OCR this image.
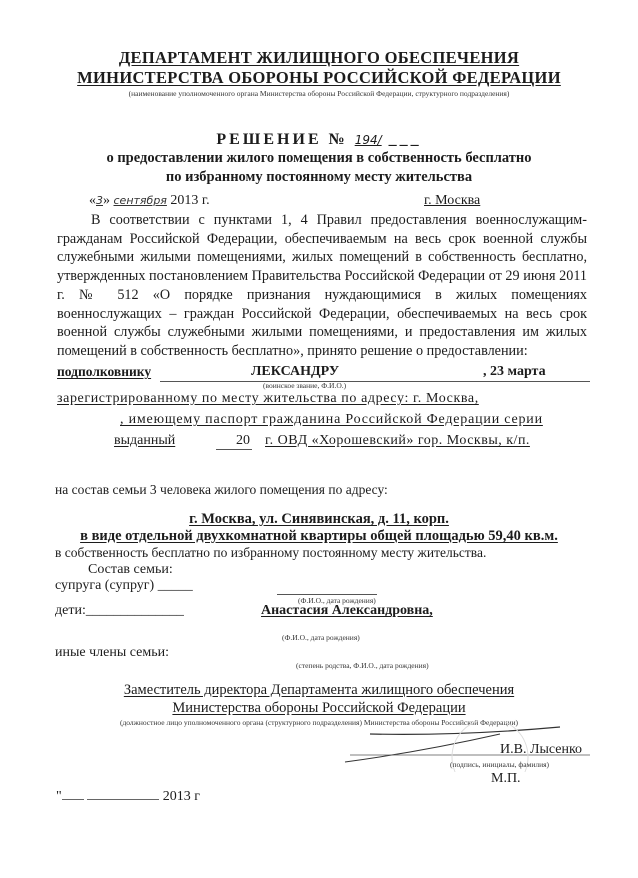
ДЕПАРТАМЕНТ ЖИЛИЩНОГО ОБЕСПЕЧЕНИЯ
МИНИСТЕРСТВА ОБОРОНЫ РОССИЙСКОЙ ФЕДЕРАЦИИ
(наименование уполномоченного органа Министерства обороны Российской Федерации, структурного подразделения)
РЕШЕНИЕ № 194/ ___
о предоставлении жилого помещения в собственность бесплатно
по избранному постоянному месту жительства
«3» сентября 2013 г.	г. Москва
В соответствии с пунктами 1, 4 Правил предоставления военнослужащим-гражданам Российской Федерации, обеспечиваемым на весь срок военной службы служебными жилыми помещениями, жилых помещений в собственность бесплатно, утвержденных постановлением Правительства Российской Федерации от 29 июня 2011 г. № 512 «О порядке признания нуждающимися в жилых помещениях военнослужащих – граждан Российской Федерации, обеспечиваемых на весь срок военной службы служебными жилыми помещениями, и предоставления им жилых помещений в собственность бесплатно», принято решение о предоставлении:
подполковнику	ЛЕКСАНДРУ	, 23 марта
(воинское звание, Ф.И.О.)
зарегистрированному по месту жительства по адресу: г. Москва,
, имеющему паспорт гражданина Российской Федерации серии
выданный	20 г. ОВД «Хорошевский» гор. Москвы, к/п.
на состав семьи 3 человека жилого помещения по адресу:
г. Москва, ул. Синявинская, д. 11, корп.
в виде отдельной двухкомнатной квартиры общей площадью 59,40 кв.м.
в собственность бесплатно по избранному постоянному месту жительства.
Состав семьи:
супруга (супруг) _____
(Ф.И.О., дата рождения)
дети:______________	Анастасия Александровна,
(Ф.И.О., дата рождения)
иные члены семьи:
(степень родства, Ф.И.О., дата рождения)
Заместитель директора Департамента жилищного обеспечения
Министерства обороны Российской Федерации
(должностное лицо уполномоченного органа (структурного подразделения) Министерства обороны Российской Федерации)
И.В. Лысенко
(подпись, инициалы, фамилия)
М.П.
"	2013 г
